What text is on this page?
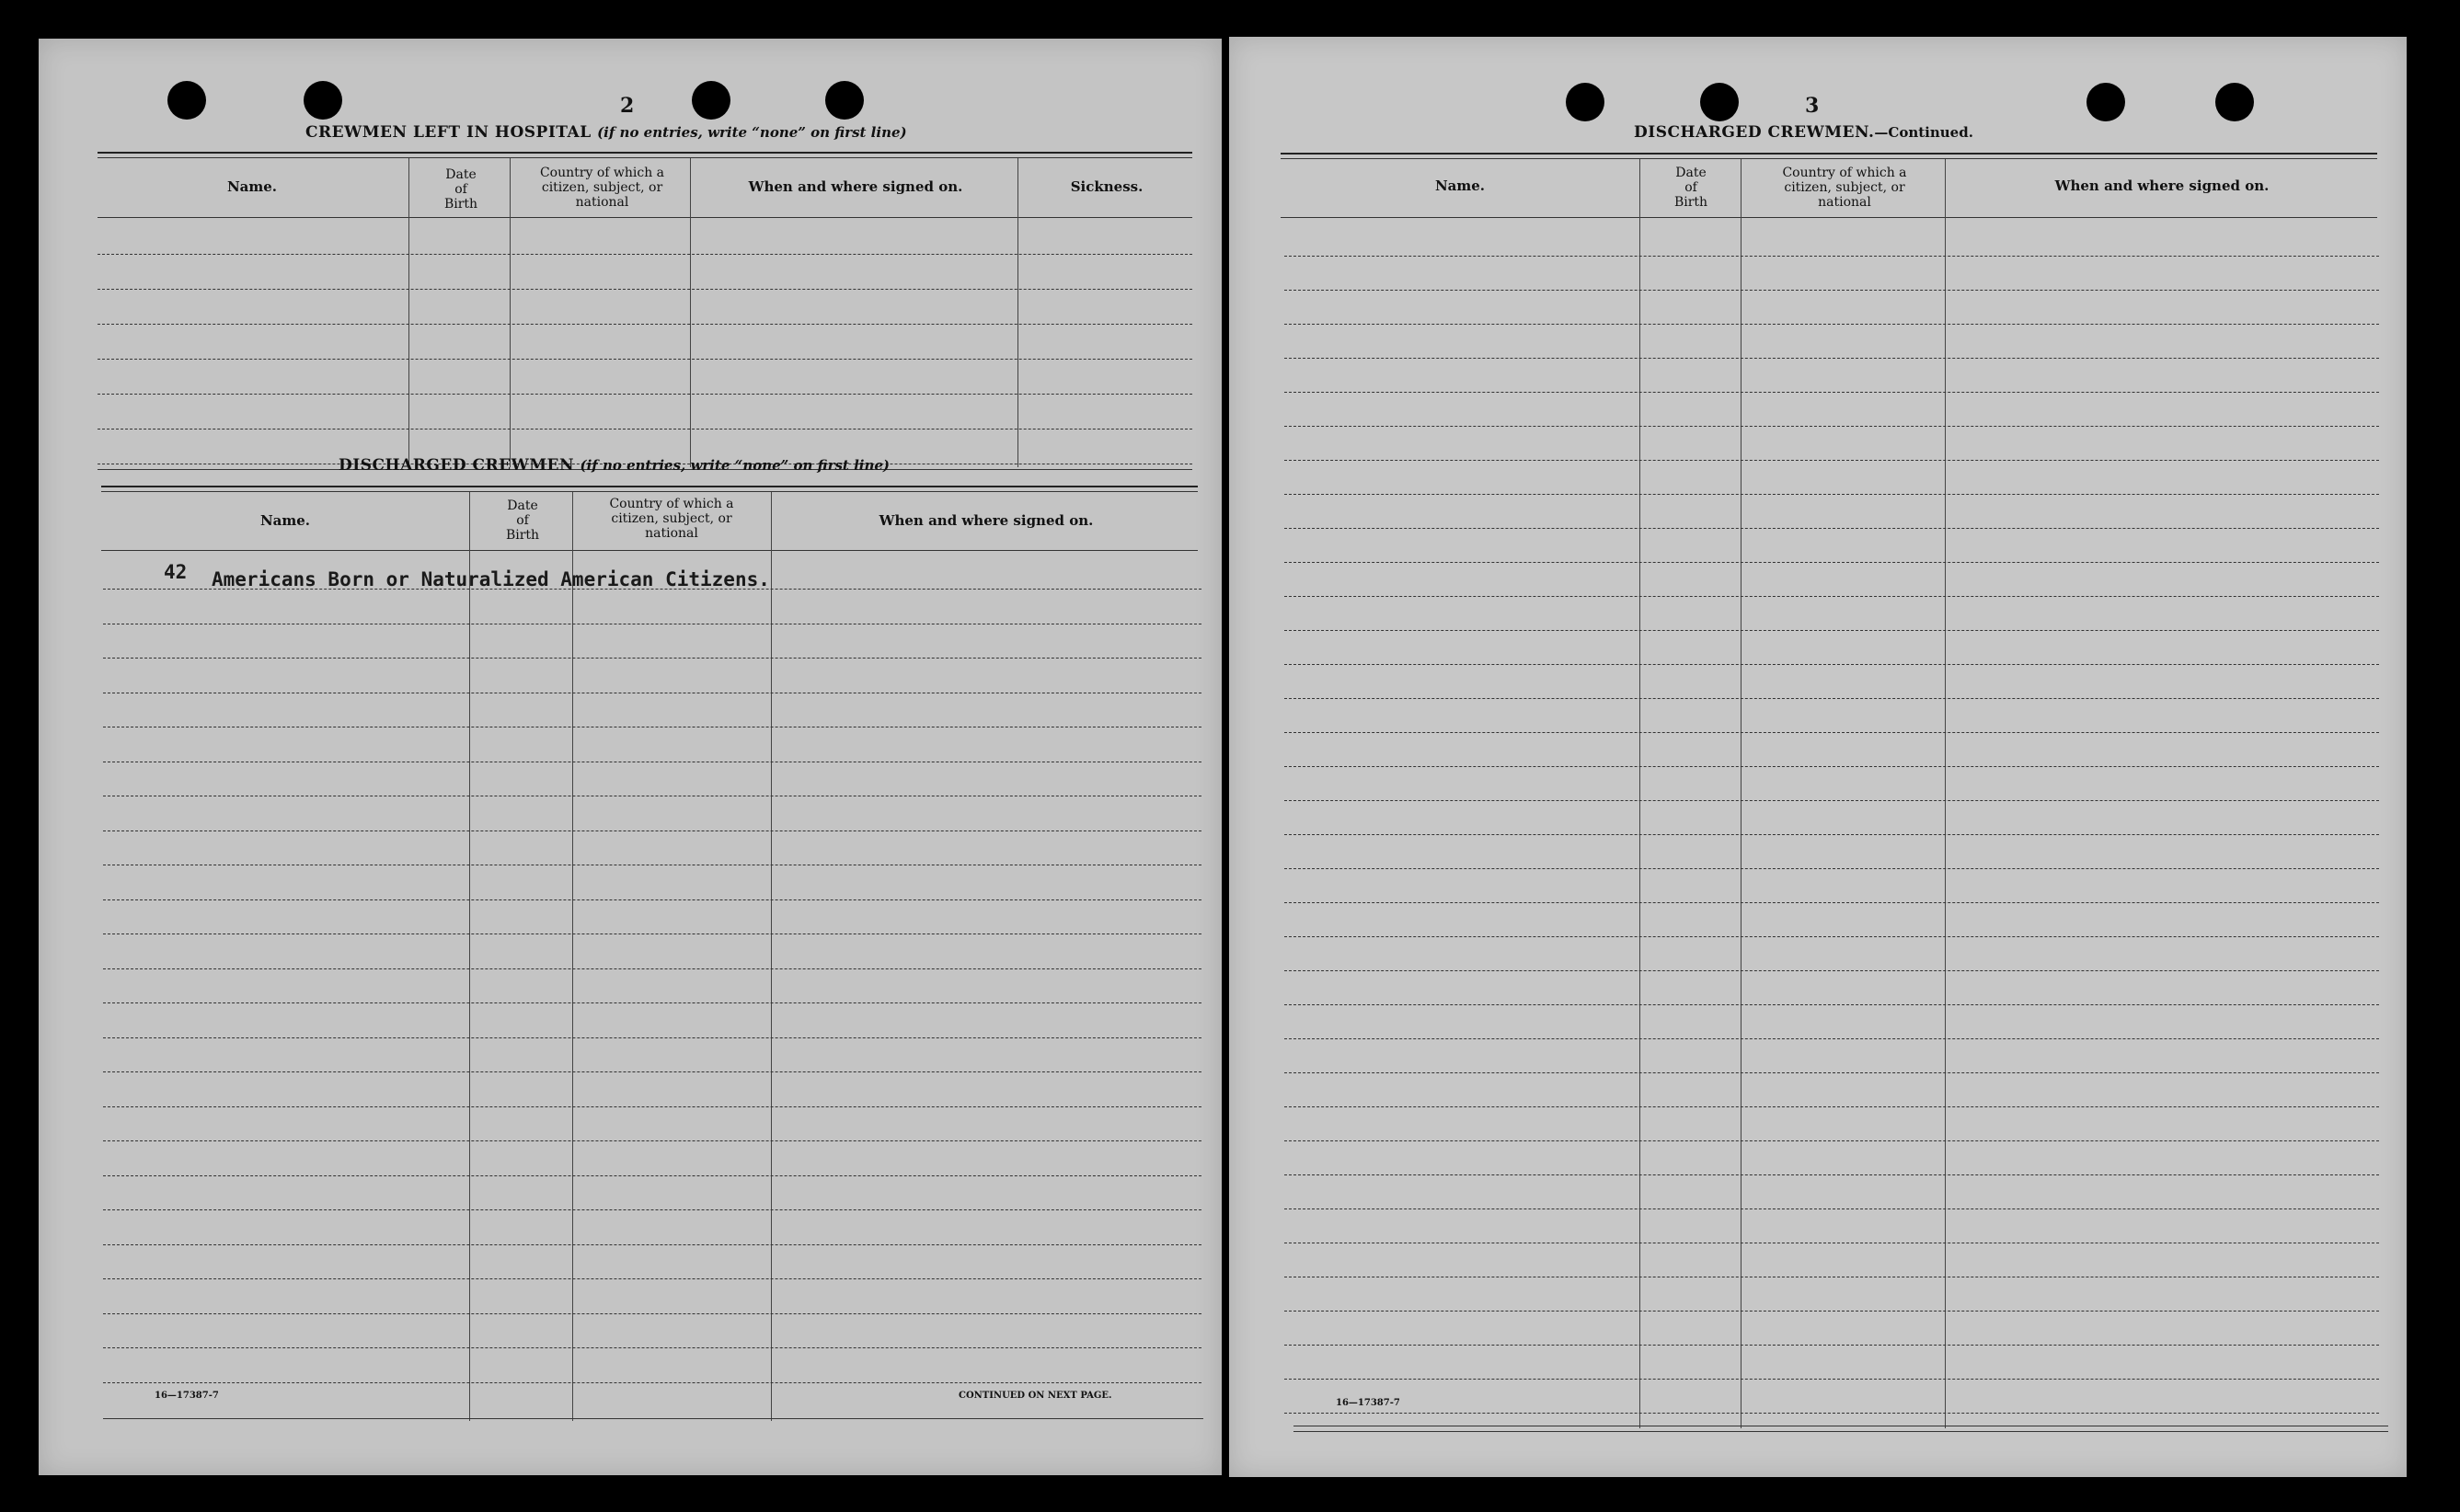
2
CREWMEN LEFT IN HOSPITAL (if no entries, write “none” on first line)
Name.
Date
of
Birth
Country of which a
citizen, subject, or
national
When and where signed on.	Sickness.
DISCHARGED CREWMEN (if no entries, write “none” on first line)
Name.
Date
of
Birth
Country of which a
citizen, subject, or
national
When and where signed on.
42 Americans Born or Naturalized American Citizens.
16—17387-7	CONTINUED ON NEXT PAGE.
3
DISCHARGED CREWMEN.—Continued.
Name.
Date
of
Birth
Country of which a
citizen, subject, or
national
When and where signed on.
16—17387-7
